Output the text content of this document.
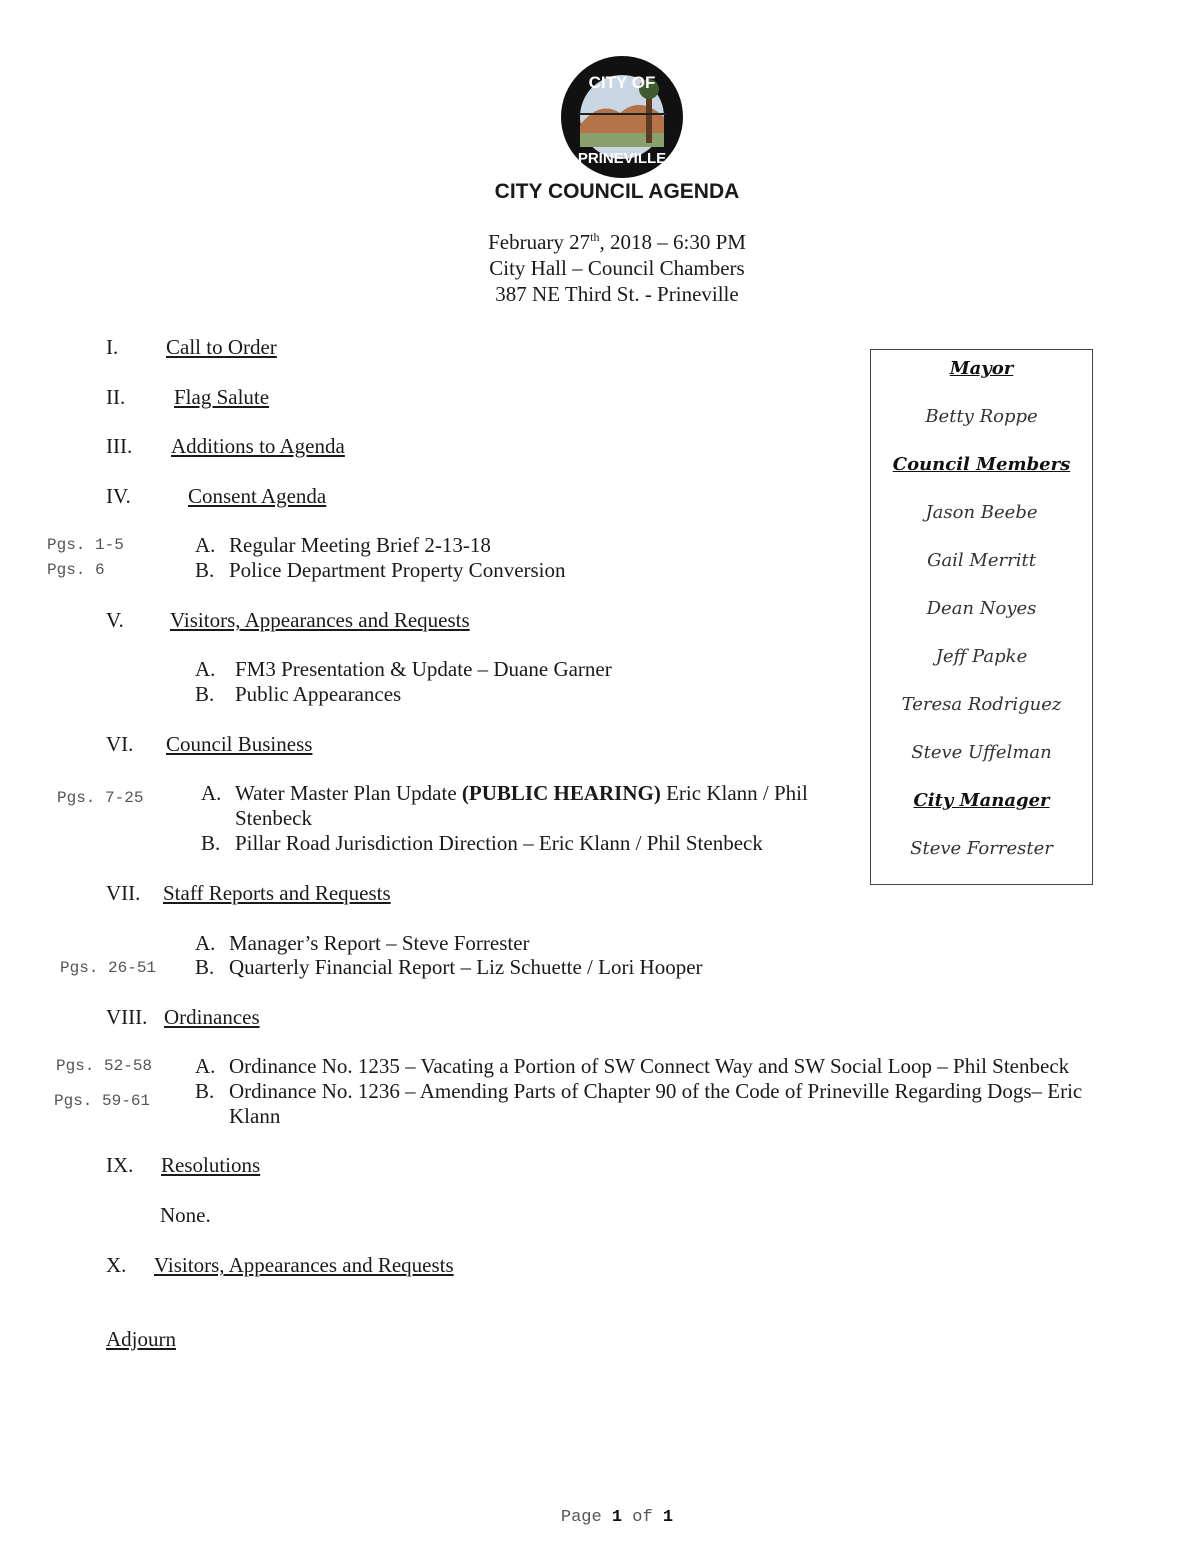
CITY OF
PRINEVILLE
CITY COUNCIL AGENDA
February 27th, 2018 – 6:30 PM
City Hall – Council Chambers
387 NE Third St. - Prineville
I. Call to Order
II. Flag Salute
III. Additions to Agenda
IV.	Consent Agenda
Pgs. 1-5	A. Regular Meeting Brief 2-13-18
Pgs. 6	B. Police Department Property Conversion
V. Visitors, Appearances and Requests
A. FM3 Presentation & Update – Duane Garner
B. Public Appearances
VI. Council Business
Pgs. 7-25	A. Water Master Plan Update (PUBLIC HEARING) Eric Klann / Phil
Stenbeck
B. Pillar Road Jurisdiction Direction – Eric Klann / Phil Stenbeck
VII. Staff Reports and Requests
A. Manager’s Report – Steve Forrester
Pgs. 26-51 B. Quarterly Financial Report – Liz Schuette / Lori Hooper
VIII. Ordinances
Pgs. 52-58 A. Ordinance No. 1235 – Vacating a Portion of SW Connect Way and SW Social Loop – Phil Stenbeck
Pgs. 59-61 B. Ordinance No. 1236 – Amending Parts of Chapter 90 of the Code of Prineville Regarding Dogs– Eric
Klann
IX. Resolutions
None.
X. Visitors, Appearances and Requests
Adjourn
Mayor
Betty Roppe
Council Members
Jason Beebe
Gail Merritt
Dean Noyes
Jeff Papke
Teresa Rodriguez
Steve Uffelman
City Manager
Steve Forrester
Page 1 of 1
